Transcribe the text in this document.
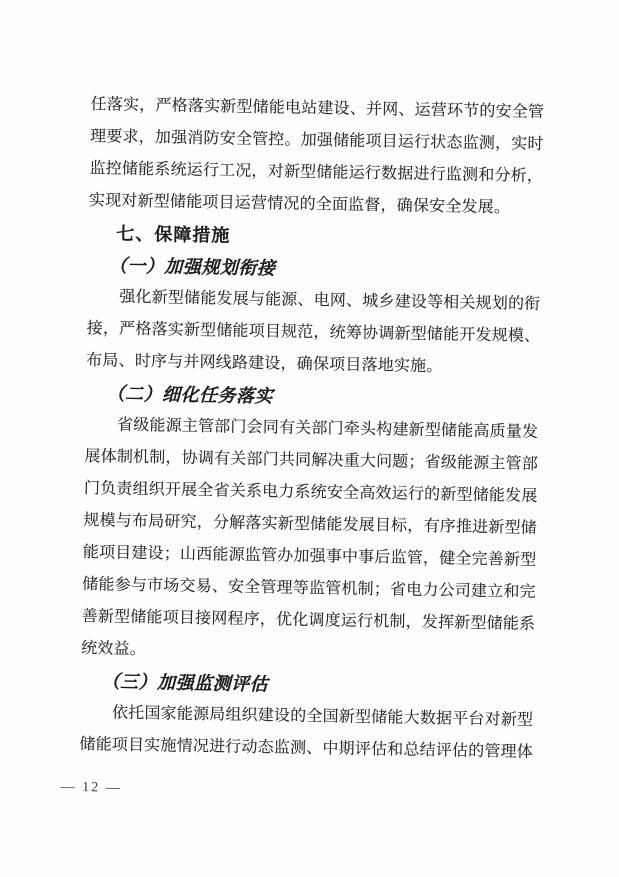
任落实，严格落实新型储能电站建设、并网、运营环节的安全管
理要求，加强消防安全管控。加强储能项目运行状态监测，实时
监控储能系统运行工况，对新型储能运行数据进行监测和分析，
实现对新型储能项目运营情况的全面监督，确保安全发展。
七、保障措施
（一）加强规划衔接
强化新型储能发展与能源、电网、城乡建设等相关规划的衔
接，严格落实新型储能项目规范，统筹协调新型储能开发规模、
布局、时序与并网线路建设，确保项目落地实施。
（二）细化任务落实
省级能源主管部门会同有关部门牵头构建新型储能高质量发
展体制机制，协调有关部门共同解决重大问题；省级能源主管部
门负责组织开展全省关系电力系统安全高效运行的新型储能发展
规模与布局研究，分解落实新型储能发展目标，有序推进新型储
能项目建设；山西能源监管办加强事中事后监管，健全完善新型
储能参与市场交易、安全管理等监管机制；省电力公司建立和完
善新型储能项目接网程序，优化调度运行机制，发挥新型储能系
统效益。
（三）加强监测评估
依托国家能源局组织建设的全国新型储能大数据平台对新型
储能项目实施情况进行动态监测、中期评估和总结评估的管理体
— 12 —
